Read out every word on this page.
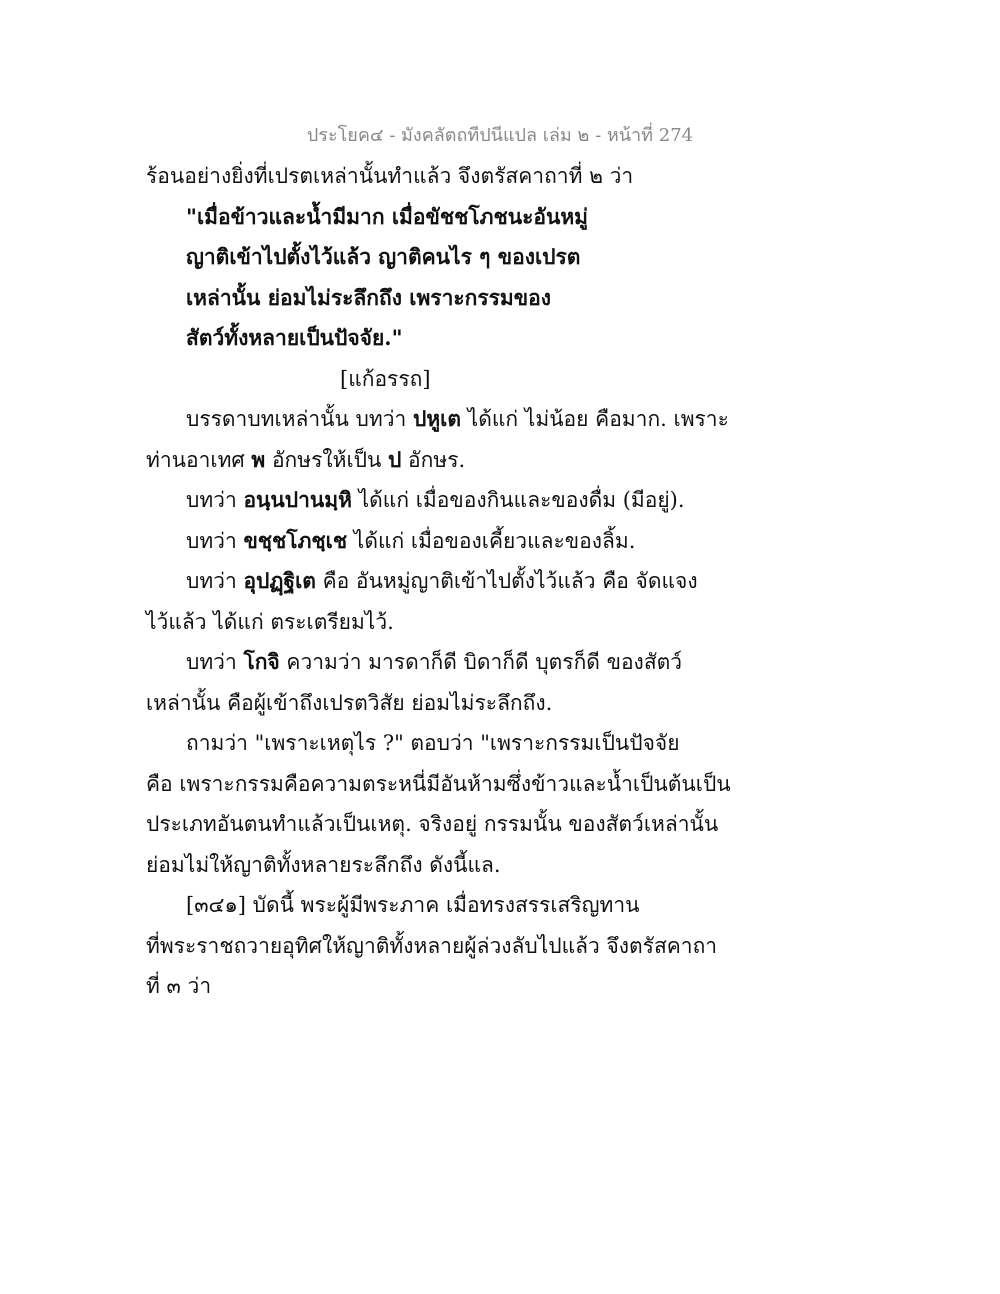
ประโยค๔ - มังคลัตถทีปนีแปล เล่ม ๒ - หน้าที่ 274
ร้อนอย่างยิ่งที่เปรตเหล่านั้นทำแล้ว จึงตรัสคาถาที่ ๒ ว่า
"เมื่อข้าวและน้ำมีมาก เมื่อขัชชโภชนะอันหมู่
ญาติเข้าไปตั้งไว้แล้ว ญาติคนไร ๆ ของเปรต
เหล่านั้น ย่อมไม่ระลึกถึง เพราะกรรมของ
สัตว์ทั้งหลายเป็นปัจจัย."
[แก้อรรถ]
บรรดาบทเหล่านั้น บทว่า ปหูเต ได้แก่ ไม่น้อย คือมาก. เพราะ
ท่านอาเทศ พ อักษรให้เป็น ป อักษร.
บทว่า อนฺนปานมฺหิ ได้แก่ เมื่อของกินและของดื่ม (มีอยู่).
บทว่า ขชฺชโภชฺเช ได้แก่ เมื่อของเคี้ยวและของลิ้ม.
บทว่า อุปฏฺฐิเต คือ อันหมู่ญาติเข้าไปตั้งไว้แล้ว คือ จัดแจง
ไว้แล้ว ได้แก่ ตระเตรียมไว้.
บทว่า โกจิ ความว่า มารดาก็ดี บิดาก็ดี บุตรก็ดี ของสัตว์
เหล่านั้น คือผู้เข้าถึงเปรตวิสัย ย่อมไม่ระลึกถึง.
ถามว่า "เพราะเหตุไร ?" ตอบว่า "เพราะกรรมเป็นปัจจัย
คือ เพราะกรรมคือความตระหนี่มีอันห้ามซึ่งข้าวและน้ำเป็นต้นเป็น
ประเภทอันตนทำแล้วเป็นเหตุ. จริงอยู่ กรรมนั้น ของสัตว์เหล่านั้น
ย่อมไม่ให้ญาติทั้งหลายระลึกถึง ดังนี้แล.
[๓๔๑] บัดนี้ พระผู้มีพระภาค เมื่อทรงสรรเสริญทาน
ที่พระราชถวายอุทิศให้ญาติทั้งหลายผู้ล่วงลับไปแล้ว จึงตรัสคาถา
ที่ ๓ ว่า
